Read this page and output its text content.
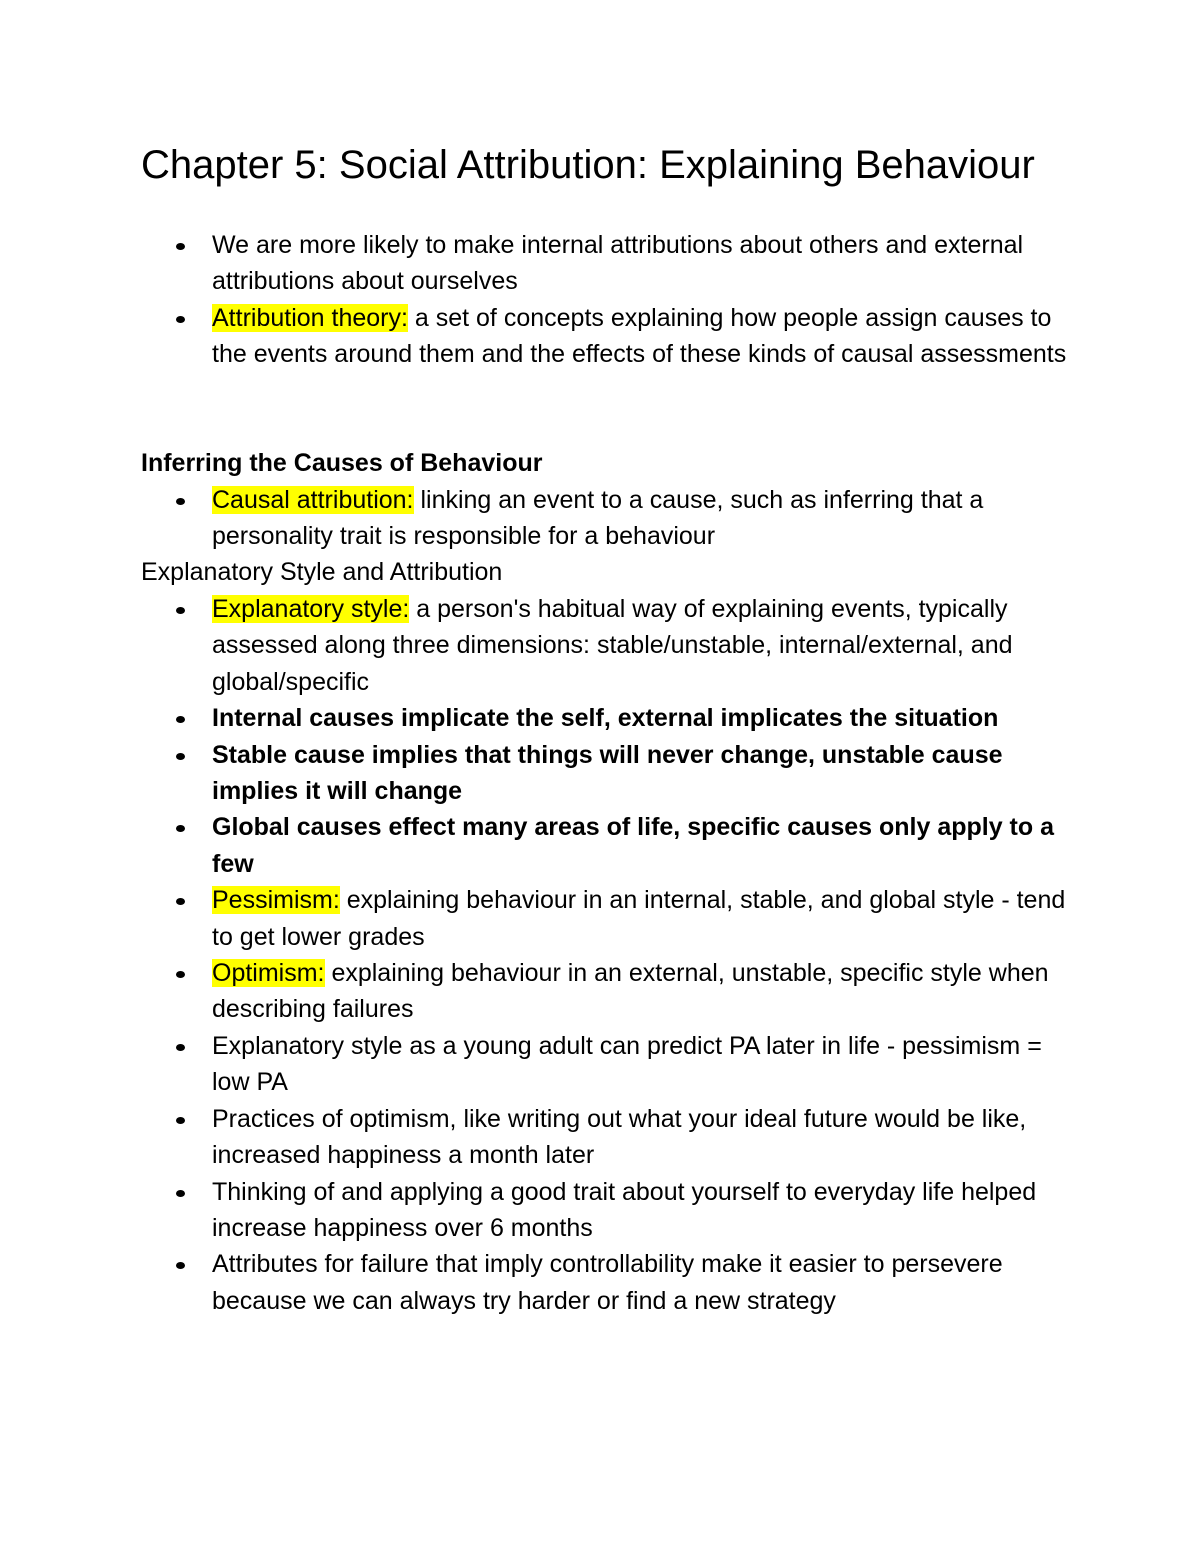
Chapter 5: Social Attribution: Explaining Behaviour
We are more likely to make internal attributions about others and external attributions about ourselves
Attribution theory: a set of concepts explaining how people assign causes to the events around them and the effects of these kinds of causal assessments
Inferring the Causes of Behaviour
Causal attribution: linking an event to a cause, such as inferring that a personality trait is responsible for a behaviour
Explanatory Style and Attribution
Explanatory style: a person's habitual way of explaining events, typically assessed along three dimensions: stable/unstable, internal/external, and global/specific
Internal causes implicate the self, external implicates the situation
Stable cause implies that things will never change, unstable cause implies it will change
Global causes effect many areas of life, specific causes only apply to a few
Pessimism: explaining behaviour in an internal, stable, and global style - tend to get lower grades
Optimism: explaining behaviour in an external, unstable, specific style when describing failures
Explanatory style as a young adult can predict PA later in life - pessimism = low PA
Practices of optimism, like writing out what your ideal future would be like, increased happiness a month later
Thinking of and applying a good trait about yourself to everyday life helped increase happiness over 6 months
Attributes for failure that imply controllability make it easier to persevere because we can always try harder or find a new strategy
